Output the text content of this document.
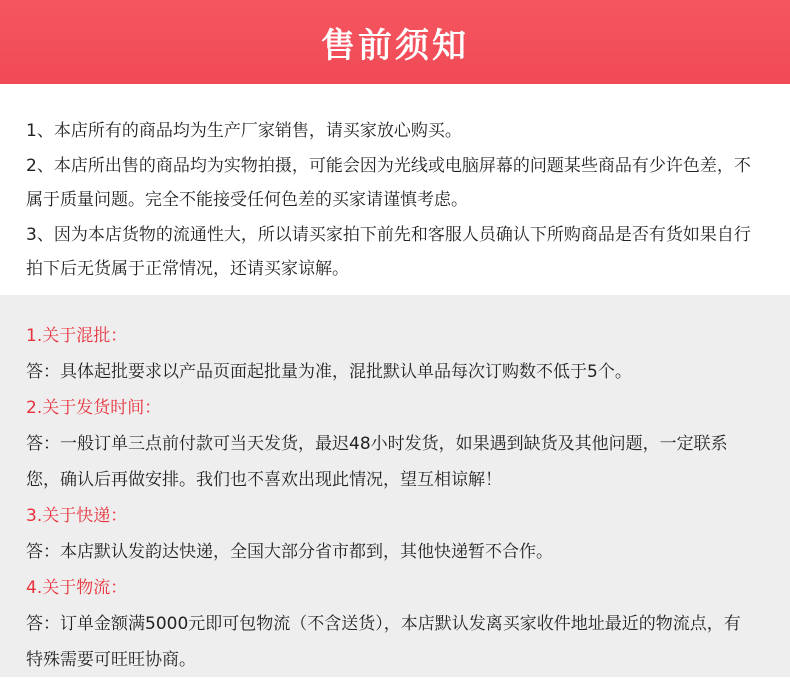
售前须知

1、本店所有的商品均为生产厂家销售，请买家放心购买。

2、本店所出售的商品均为实物拍摄，可能会因为光线或电脑屏幕的问题某些商品有少许色差，不属于质量问题。完全不能接受任何色差的买家请谨慎考虑。

3、因为本店货物的流通性大，所以请买家拍下前先和客服人员确认下所购商品是否有货如果自行拍下后无货属于正常情况，还请买家谅解。

1.关于混批：

答：具体起批要求以产品页面起批量为准，混批默认单品每次订购数不低于5个。

2.关于发货时间：

答：一般订单三点前付款可当天发货，最迟48小时发货，如果遇到缺货及其他问题，一定联系您，确认后再做安排。我们也不喜欢出现此情况，望互相谅解！

3.关于快递：

答：本店默认发韵达快递，全国大部分省市都到，其他快递暂不合作。

4.关于物流：

答：订单金额满5000元即可包物流（不含送货），本店默认发离买家收件地址最近的物流点，有特殊需要可旺旺协商。
